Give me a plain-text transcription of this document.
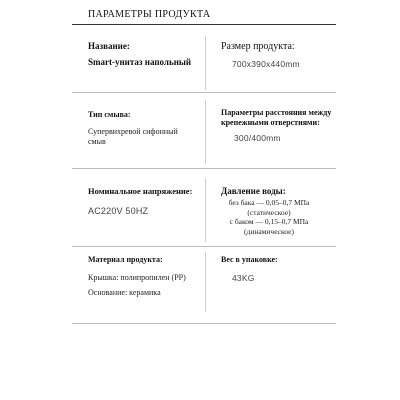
ПАРАМЕТРЫ ПРОДУКТА
Название:
Smart-унитаз напольный
Размер продукта:
700x390x440mm
Тип смыва:
Супервихревой сифонный
смыв
Параметры расстояния между
крепежными отверстиями:
300/400mm
Номинальное напряжение:
AC220V 50HZ
Давление воды:
без бака — 0,05–0,7 МПа
(статическое)
с баком — 0,15–0,7 МПа
(динамическое)
Материал продукта:
Крышка: полипропилен (PP)
Основание: керамика
Вес в упаковке:
43KG
